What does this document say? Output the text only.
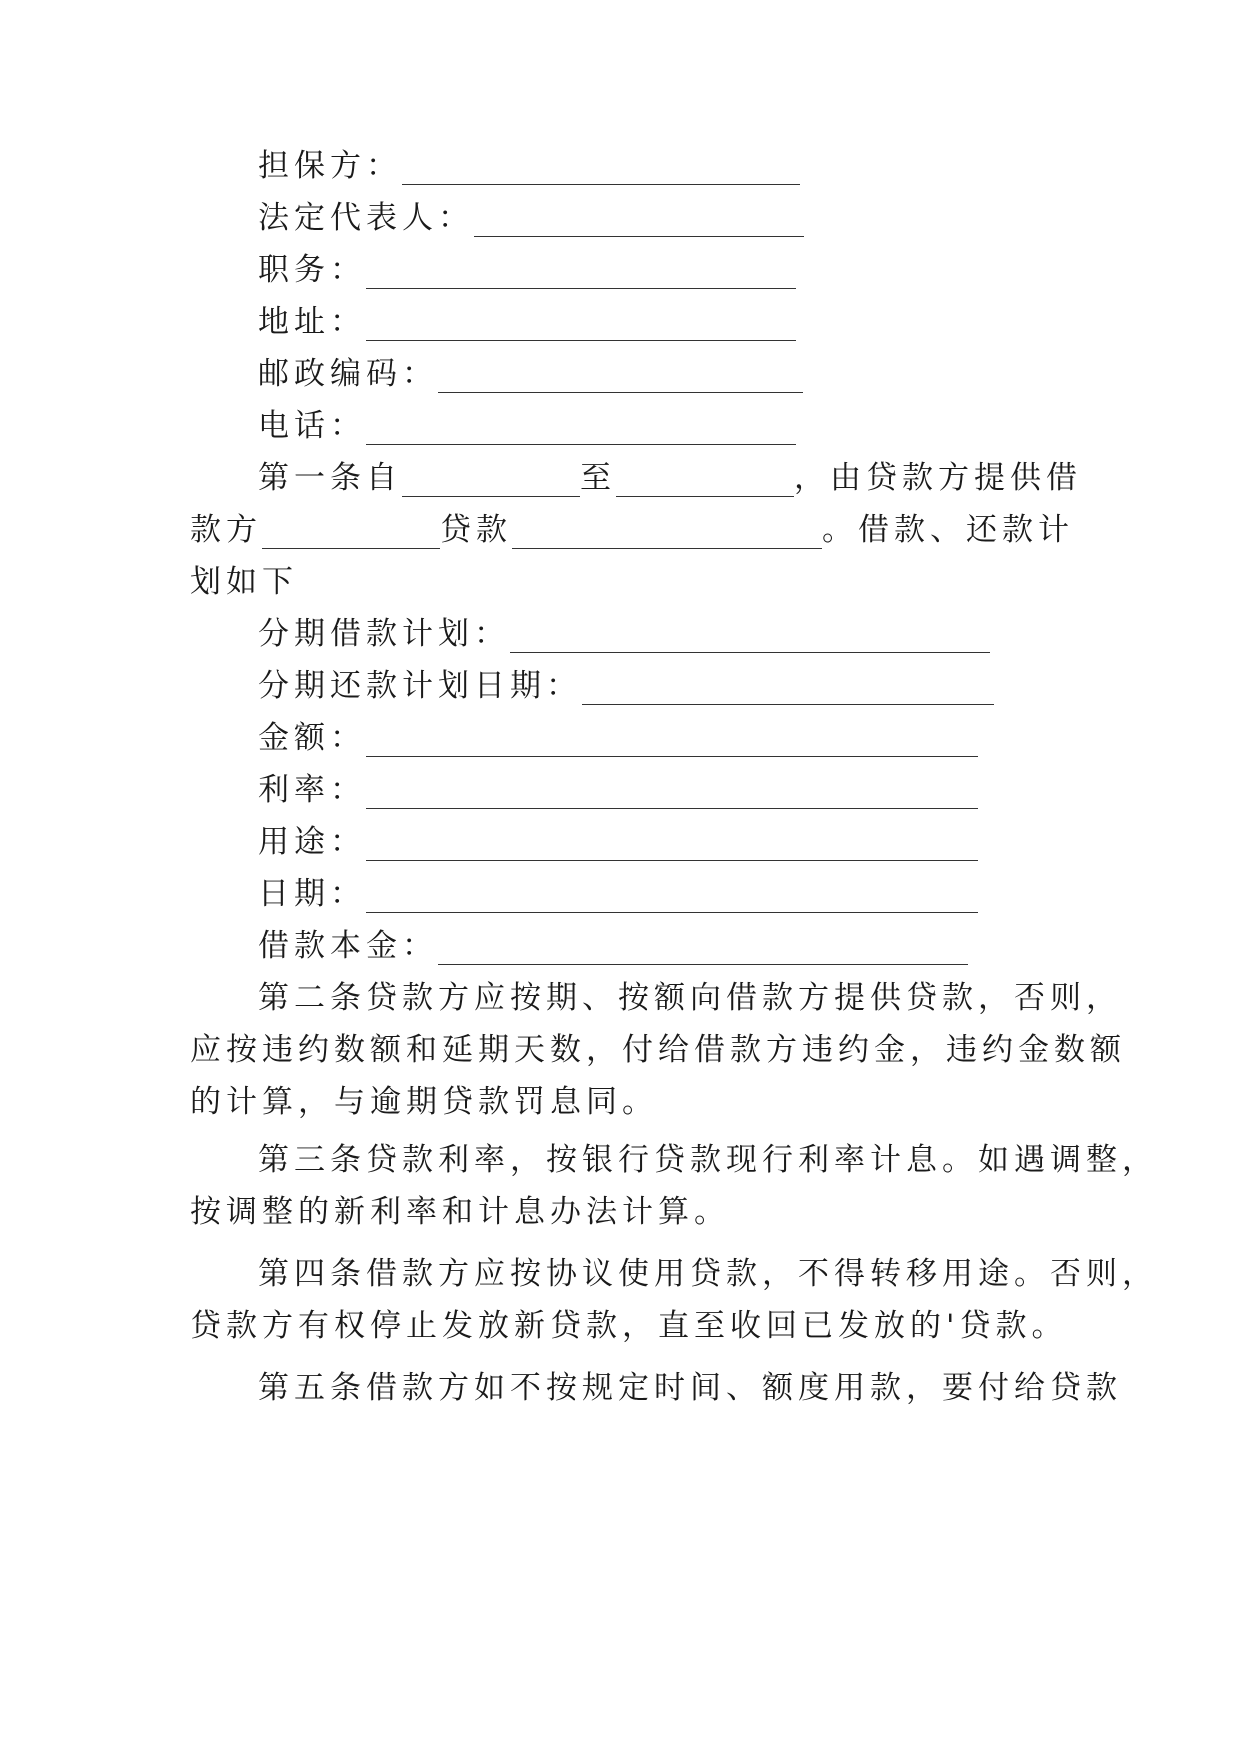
担保方：
法定代表人：
职务：
地址：
邮政编码：
电话：
第一条自	至	，由贷款方提供借
款方	贷款	。借款、还款计
划如下
分期借款计划：
分期还款计划日期：
金额：
利率：
用途：
日期：
借款本金：
第二条贷款方应按期、按额向借款方提供贷款，否则，
应按违约数额和延期天数，付给借款方违约金，违约金数额
的计算，与逾期贷款罚息同。
第三条贷款利率，按银行贷款现行利率计息。如遇调整，
按调整的新利率和计息办法计算。
第四条借款方应按协议使用贷款，不得转移用途。否则，
贷款方有权停止发放新贷款，直至收回已发放的'贷款。
第五条借款方如不按规定时间、额度用款，要付给贷款
